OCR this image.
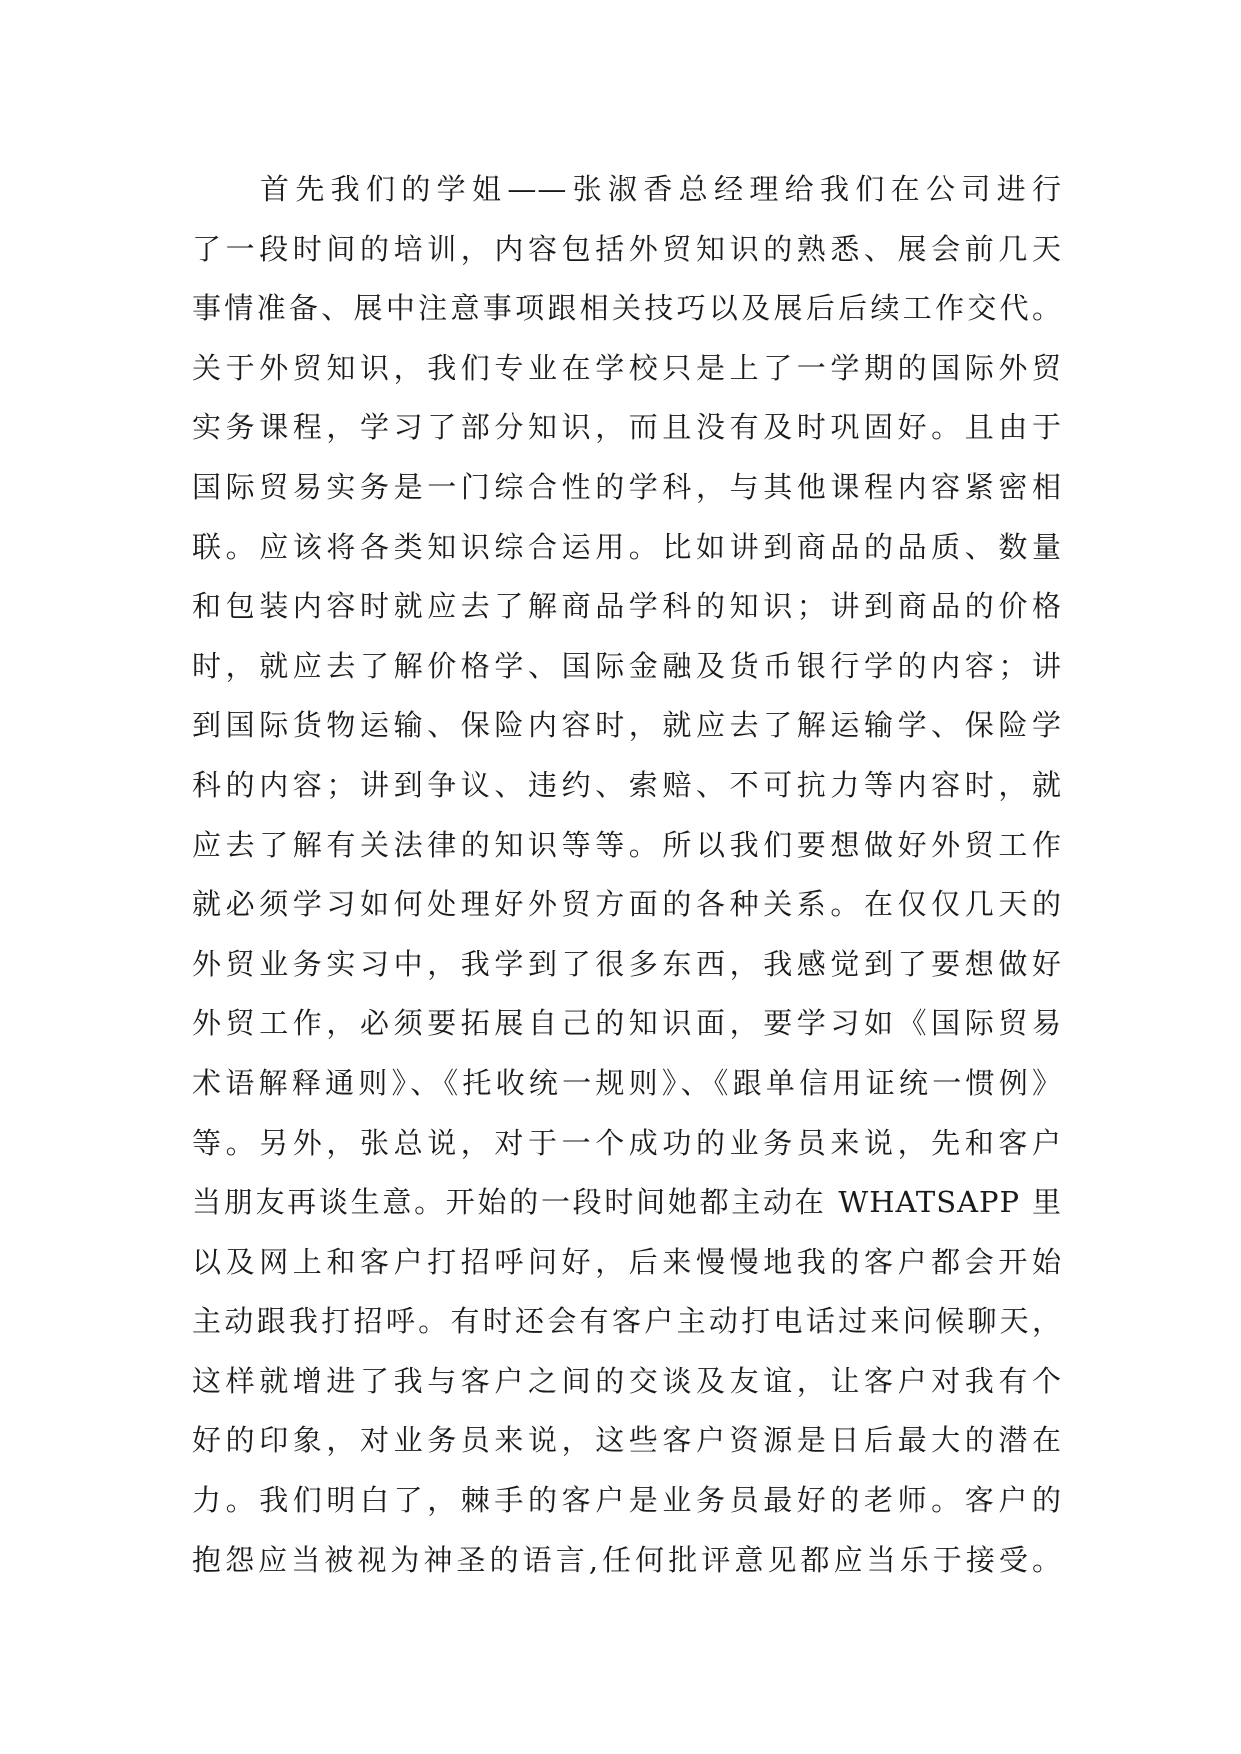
首先我们的学姐——张淑香总经理给我们在公司进行
了一段时间的培训，内容包括外贸知识的熟悉、展会前几天
事情准备、展中注意事项跟相关技巧以及展后后续工作交代。
关于外贸知识，我们专业在学校只是上了一学期的国际外贸
实务课程，学习了部分知识，而且没有及时巩固好。且由于
国际贸易实务是一门综合性的学科，与其他课程内容紧密相
联。应该将各类知识综合运用。比如讲到商品的品质、数量
和包装内容时就应去了解商品学科的知识；讲到商品的价格
时，就应去了解价格学、国际金融及货币银行学的内容；讲
到国际货物运输、保险内容时，就应去了解运输学、保险学
科的内容；讲到争议、违约、索赔、不可抗力等内容时，就
应去了解有关法律的知识等等。所以我们要想做好外贸工作
就必须学习如何处理好外贸方面的各种关系。在仅仅几天的
外贸业务实习中，我学到了很多东西，我感觉到了要想做好
外贸工作，必须要拓展自己的知识面，要学习如《国际贸易
术语解释通则》、《托收统一规则》、《跟单信用证统一惯例》
等。另外，张总说，对于一个成功的业务员来说，先和客户
当朋友再谈生意。开始的一段时间她都主动在 WHATSAPP 里
以及网上和客户打招呼问好，后来慢慢地我的客户都会开始
主动跟我打招呼。有时还会有客户主动打电话过来问候聊天，
这样就增进了我与客户之间的交谈及友谊，让客户对我有个
好的印象，对业务员来说，这些客户资源是日后最大的潜在
力。我们明白了，棘手的客户是业务员最好的老师。客户的
抱怨应当被视为神圣的语言,任何批评意见都应当乐于接受。
